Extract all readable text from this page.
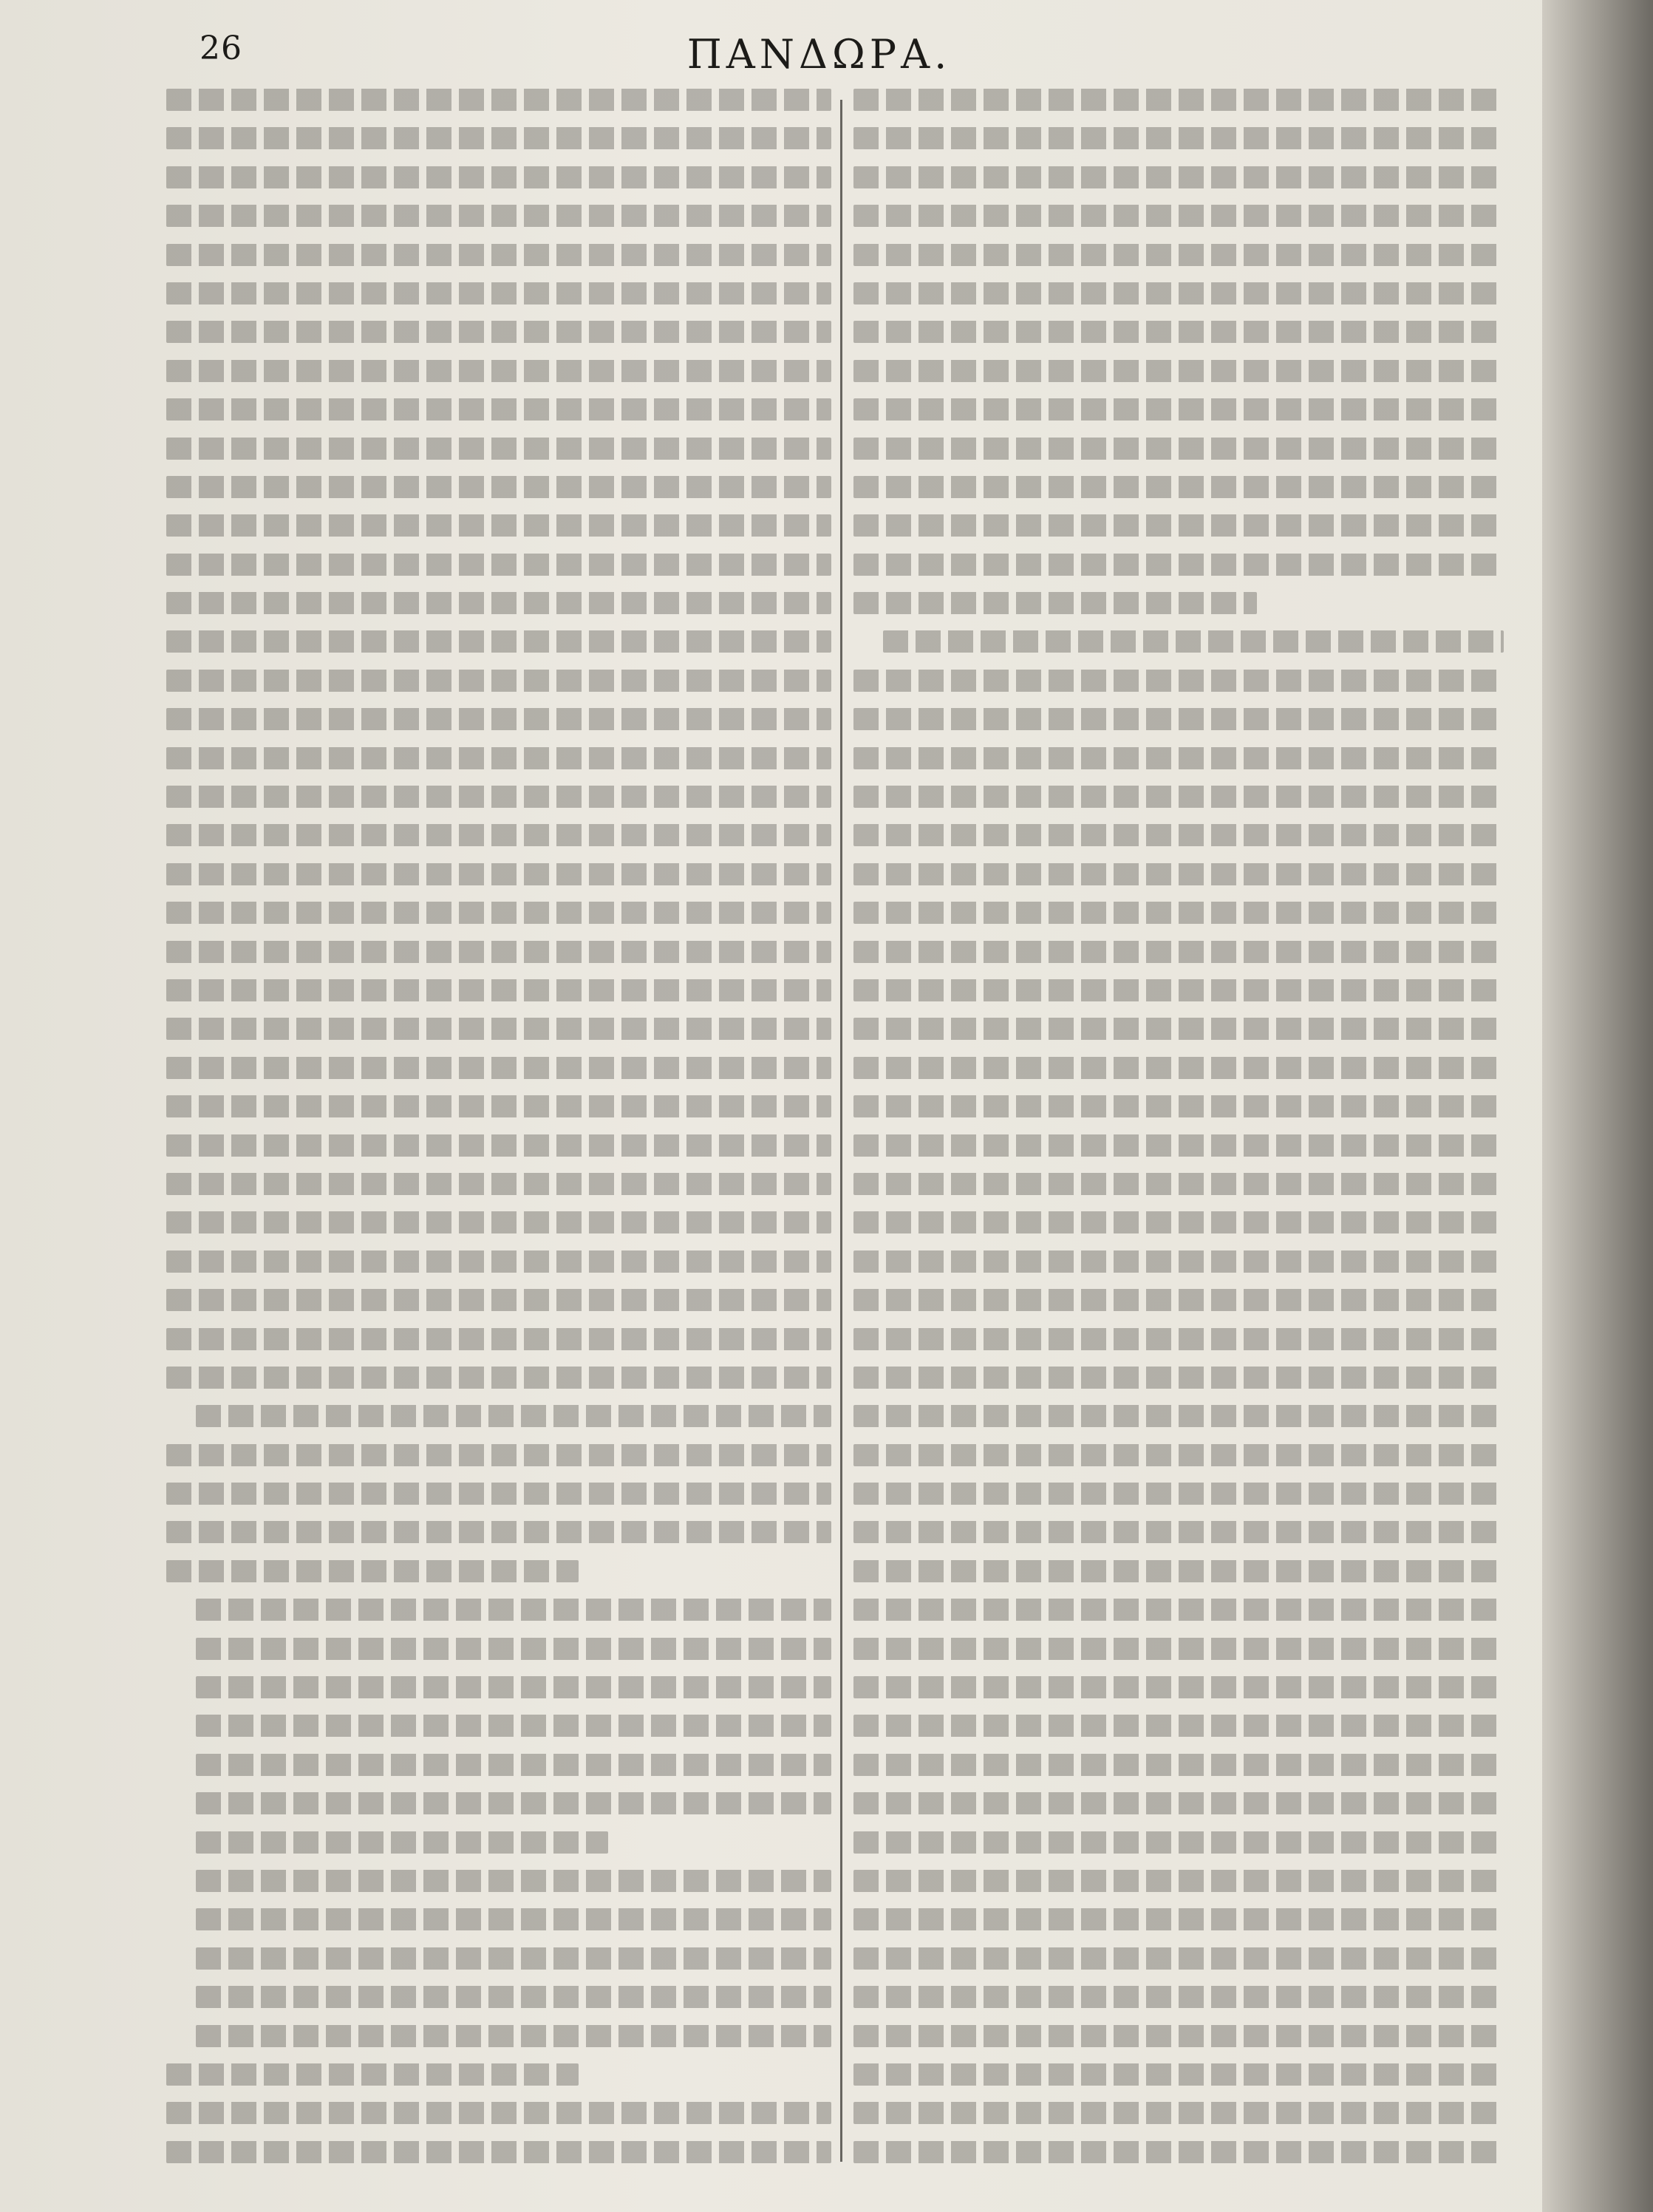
26	ΠΑΝΔΩΡΑ.
